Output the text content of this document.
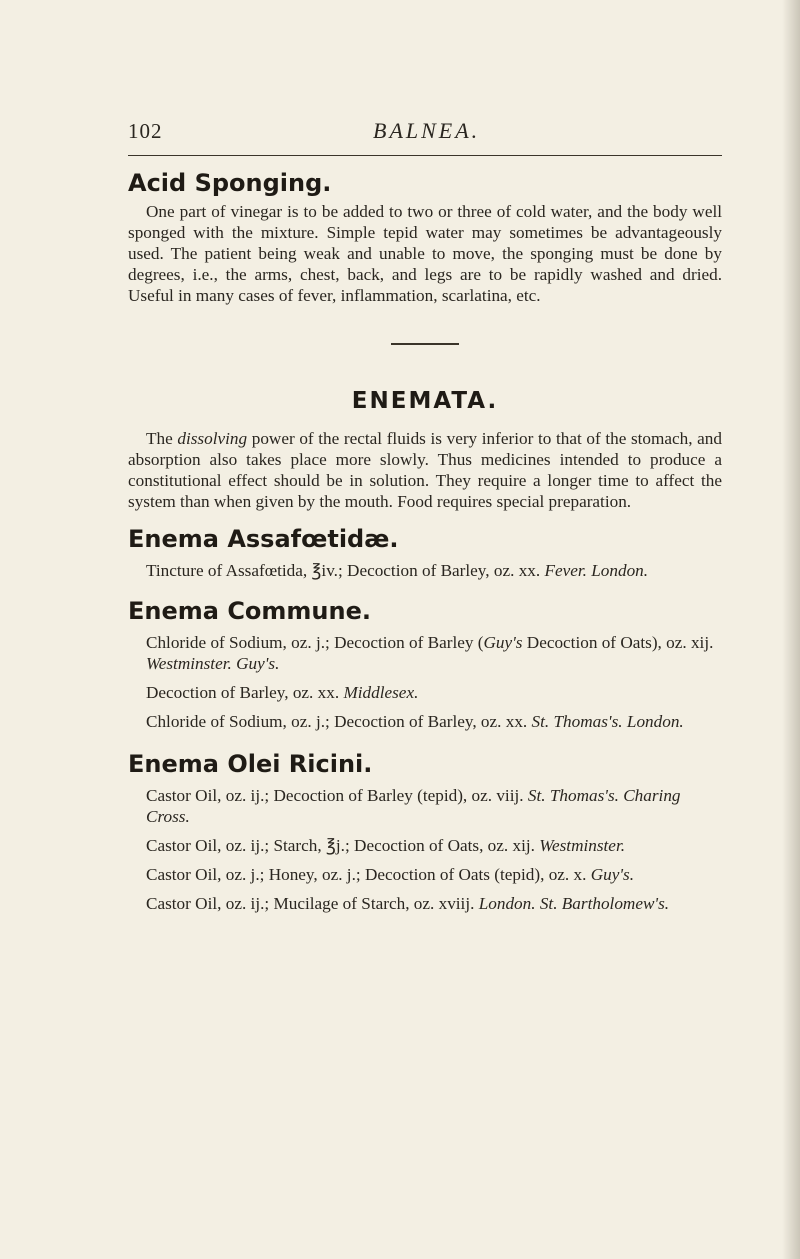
102	BALNEA.
Acid Sponging.

One part of vinegar is to be added to two or three of cold water, and the body well sponged with the mixture. Simple tepid water may sometimes be advantageously used. The patient being weak and unable to move, the sponging must be done by degrees, i.e., the arms, chest, back, and legs are to be rapidly washed and dried. Useful in many cases of fever, inflammation, scarlatina, etc.

ENEMATA.

The dissolving power of the rectal fluids is very inferior to that of the stomach, and absorption also takes place more slowly. Thus medicines intended to produce a constitutional effect should be in solution. They require a longer time to affect the system than when given by the mouth. Food requires special preparation.

Enema Assafœtidæ.

Tincture of Assafœtida, ℥iv.; Decoction of Barley, oz. xx. Fever. London.

Enema Commune.

Chloride of Sodium, oz. j.; Decoction of Barley (Guy's Decoction of Oats), oz. xij. Westminster. Guy's.

Decoction of Barley, oz. xx. Middlesex.

Chloride of Sodium, oz. j.; Decoction of Barley, oz. xx. St. Thomas's. London.

Enema Olei Ricini.

Castor Oil, oz. ij.; Decoction of Barley (tepid), oz. viij. St. Thomas's. Charing Cross.

Castor Oil, oz. ij.; Starch, ℥j.; Decoction of Oats, oz. xij. Westminster.

Castor Oil, oz. j.; Honey, oz. j.; Decoction of Oats (tepid), oz. x. Guy's.

Castor Oil, oz. ij.; Mucilage of Starch, oz. xviij. London. St. Bartholomew's.
